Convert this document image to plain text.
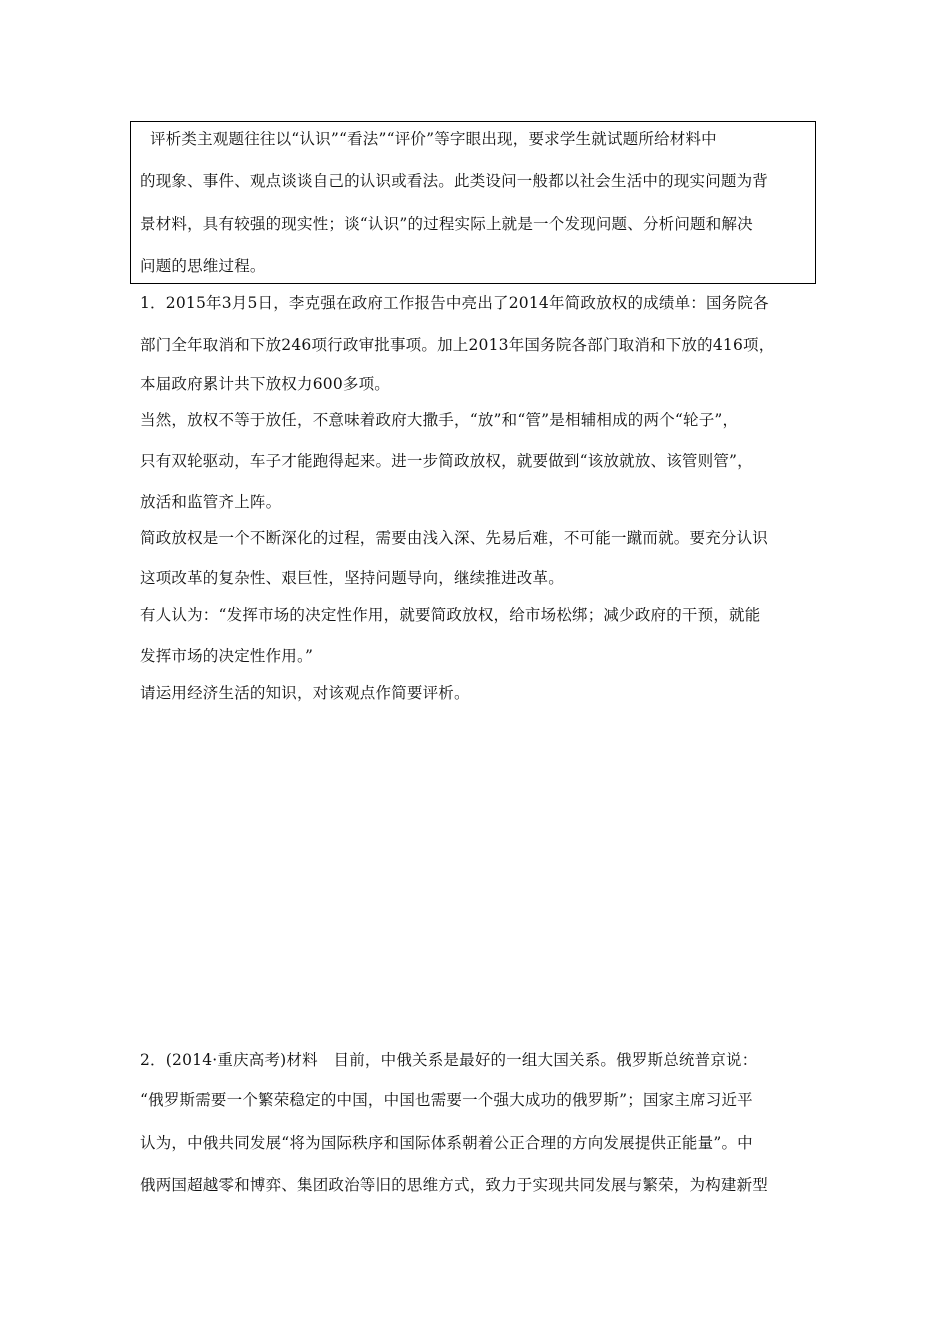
评析类主观题往往以“认识”“看法”“评价”等字眼出现，要求学生就试题所给材料中
的现象、事件、观点谈谈自己的认识或看法。此类设问一般都以社会生活中的现实问题为背
景材料，具有较强的现实性；谈“认识”的过程实际上就是一个发现问题、分析问题和解决
问题的思维过程。
1．2015年3月5日，李克强在政府工作报告中亮出了2014年简政放权的成绩单：国务院各
部门全年取消和下放246项行政审批事项。加上2013年国务院各部门取消和下放的416项，
本届政府累计共下放权力600多项。
当然，放权不等于放任，不意味着政府大撒手，“放”和“管”是相辅相成的两个“轮子”，
只有双轮驱动，车子才能跑得起来。进一步简政放权，就要做到“该放就放、该管则管”，
放活和监管齐上阵。
简政放权是一个不断深化的过程，需要由浅入深、先易后难，不可能一蹴而就。要充分认识
这项改革的复杂性、艰巨性，坚持问题导向，继续推进改革。
有人认为：“发挥市场的决定性作用，就要简政放权，给市场松绑；减少政府的干预，就能
发挥市场的决定性作用。”
请运用经济生活的知识，对该观点作简要评析。
2．(2014·重庆高考)材料　目前，中俄关系是最好的一组大国关系。俄罗斯总统普京说：
“俄罗斯需要一个繁荣稳定的中国，中国也需要一个强大成功的俄罗斯”；国家主席习近平
认为，中俄共同发展“将为国际秩序和国际体系朝着公正合理的方向发展提供正能量”。中
俄两国超越零和博弈、集团政治等旧的思维方式，致力于实现共同发展与繁荣，为构建新型
